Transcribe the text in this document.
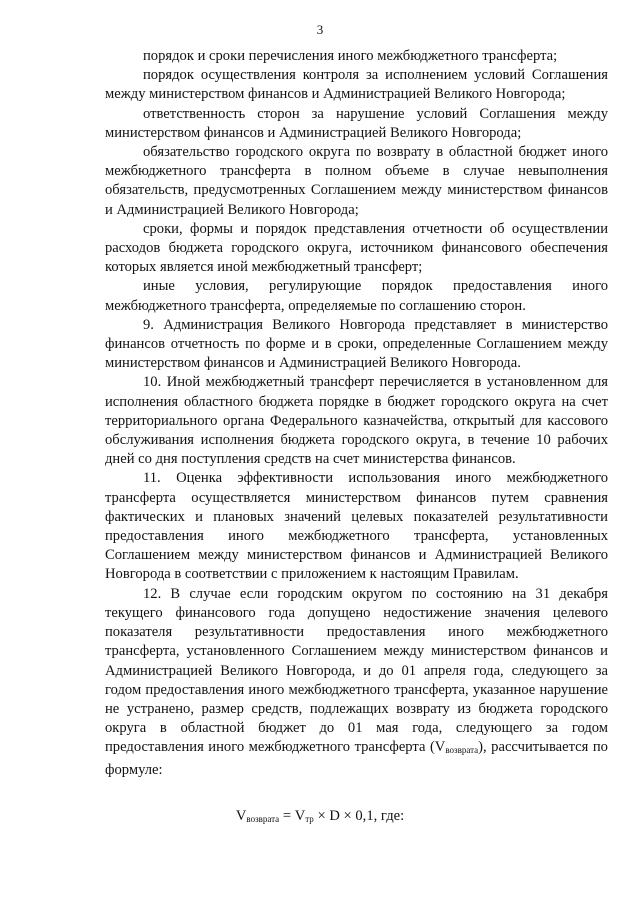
3

порядок и сроки перечисления иного межбюджетного трансферта;

порядок осуществления контроля за исполнением условий Соглашения между министерством финансов и Администрацией Великого Новгорода;

ответственность сторон за нарушение условий Соглашения между министерством финансов и Администрацией Великого Новгорода;

обязательство городского округа по возврату в областной бюджет иного межбюджетного трансферта в полном объеме в случае невыполнения обязательств, предусмотренных Соглашением между министерством финансов и Администрацией Великого Новгорода;

сроки, формы и порядок представления отчетности об осуществлении расходов бюджета городского округа, источником финансового обеспечения которых является иной межбюджетный трансферт;

иные условия, регулирующие порядок предоставления иного межбюджетного трансферта, определяемые по соглашению сторон.

9. Администрация Великого Новгорода представляет в министерство финансов отчетность по форме и в сроки, определенные Соглашением между министерством финансов и Администрацией Великого Новгорода.

10. Иной межбюджетный трансферт перечисляется в установленном для исполнения областного бюджета порядке в бюджет городского округа на счет территориального органа Федерального казначейства, открытый для кассового обслуживания исполнения бюджета городского округа, в течение 10 рабочих дней со дня поступления средств на счет министерства финансов.

11. Оценка эффективности использования иного межбюджетного трансферта осуществляется министерством финансов путем сравнения фактических и плановых значений целевых показателей результативности предоставления иного межбюджетного трансферта, установленных Соглашением между министерством финансов и Администрацией Великого Новгорода в соответствии с приложением к настоящим Правилам.

12. В случае если городским округом по состоянию на 31 декабря текущего финансового года допущено недостижение значения целевого показателя результативности предоставления иного межбюджетного трансферта, установленного Соглашением между министерством финансов и Администрацией Великого Новгорода, и до 01 апреля года, следующего за годом предоставления иного межбюджетного трансферта, указанное нарушение не устранено, размер средств, подлежащих возврату из бюджета городского округа в областной бюджет до 01 мая года, следующего за годом предоставления иного межбюджетного трансферта $(V_{возврата})$, рассчитывается по формуле:

$V_{возврата} = V_{тр} \times D \times 0,1$, где:
